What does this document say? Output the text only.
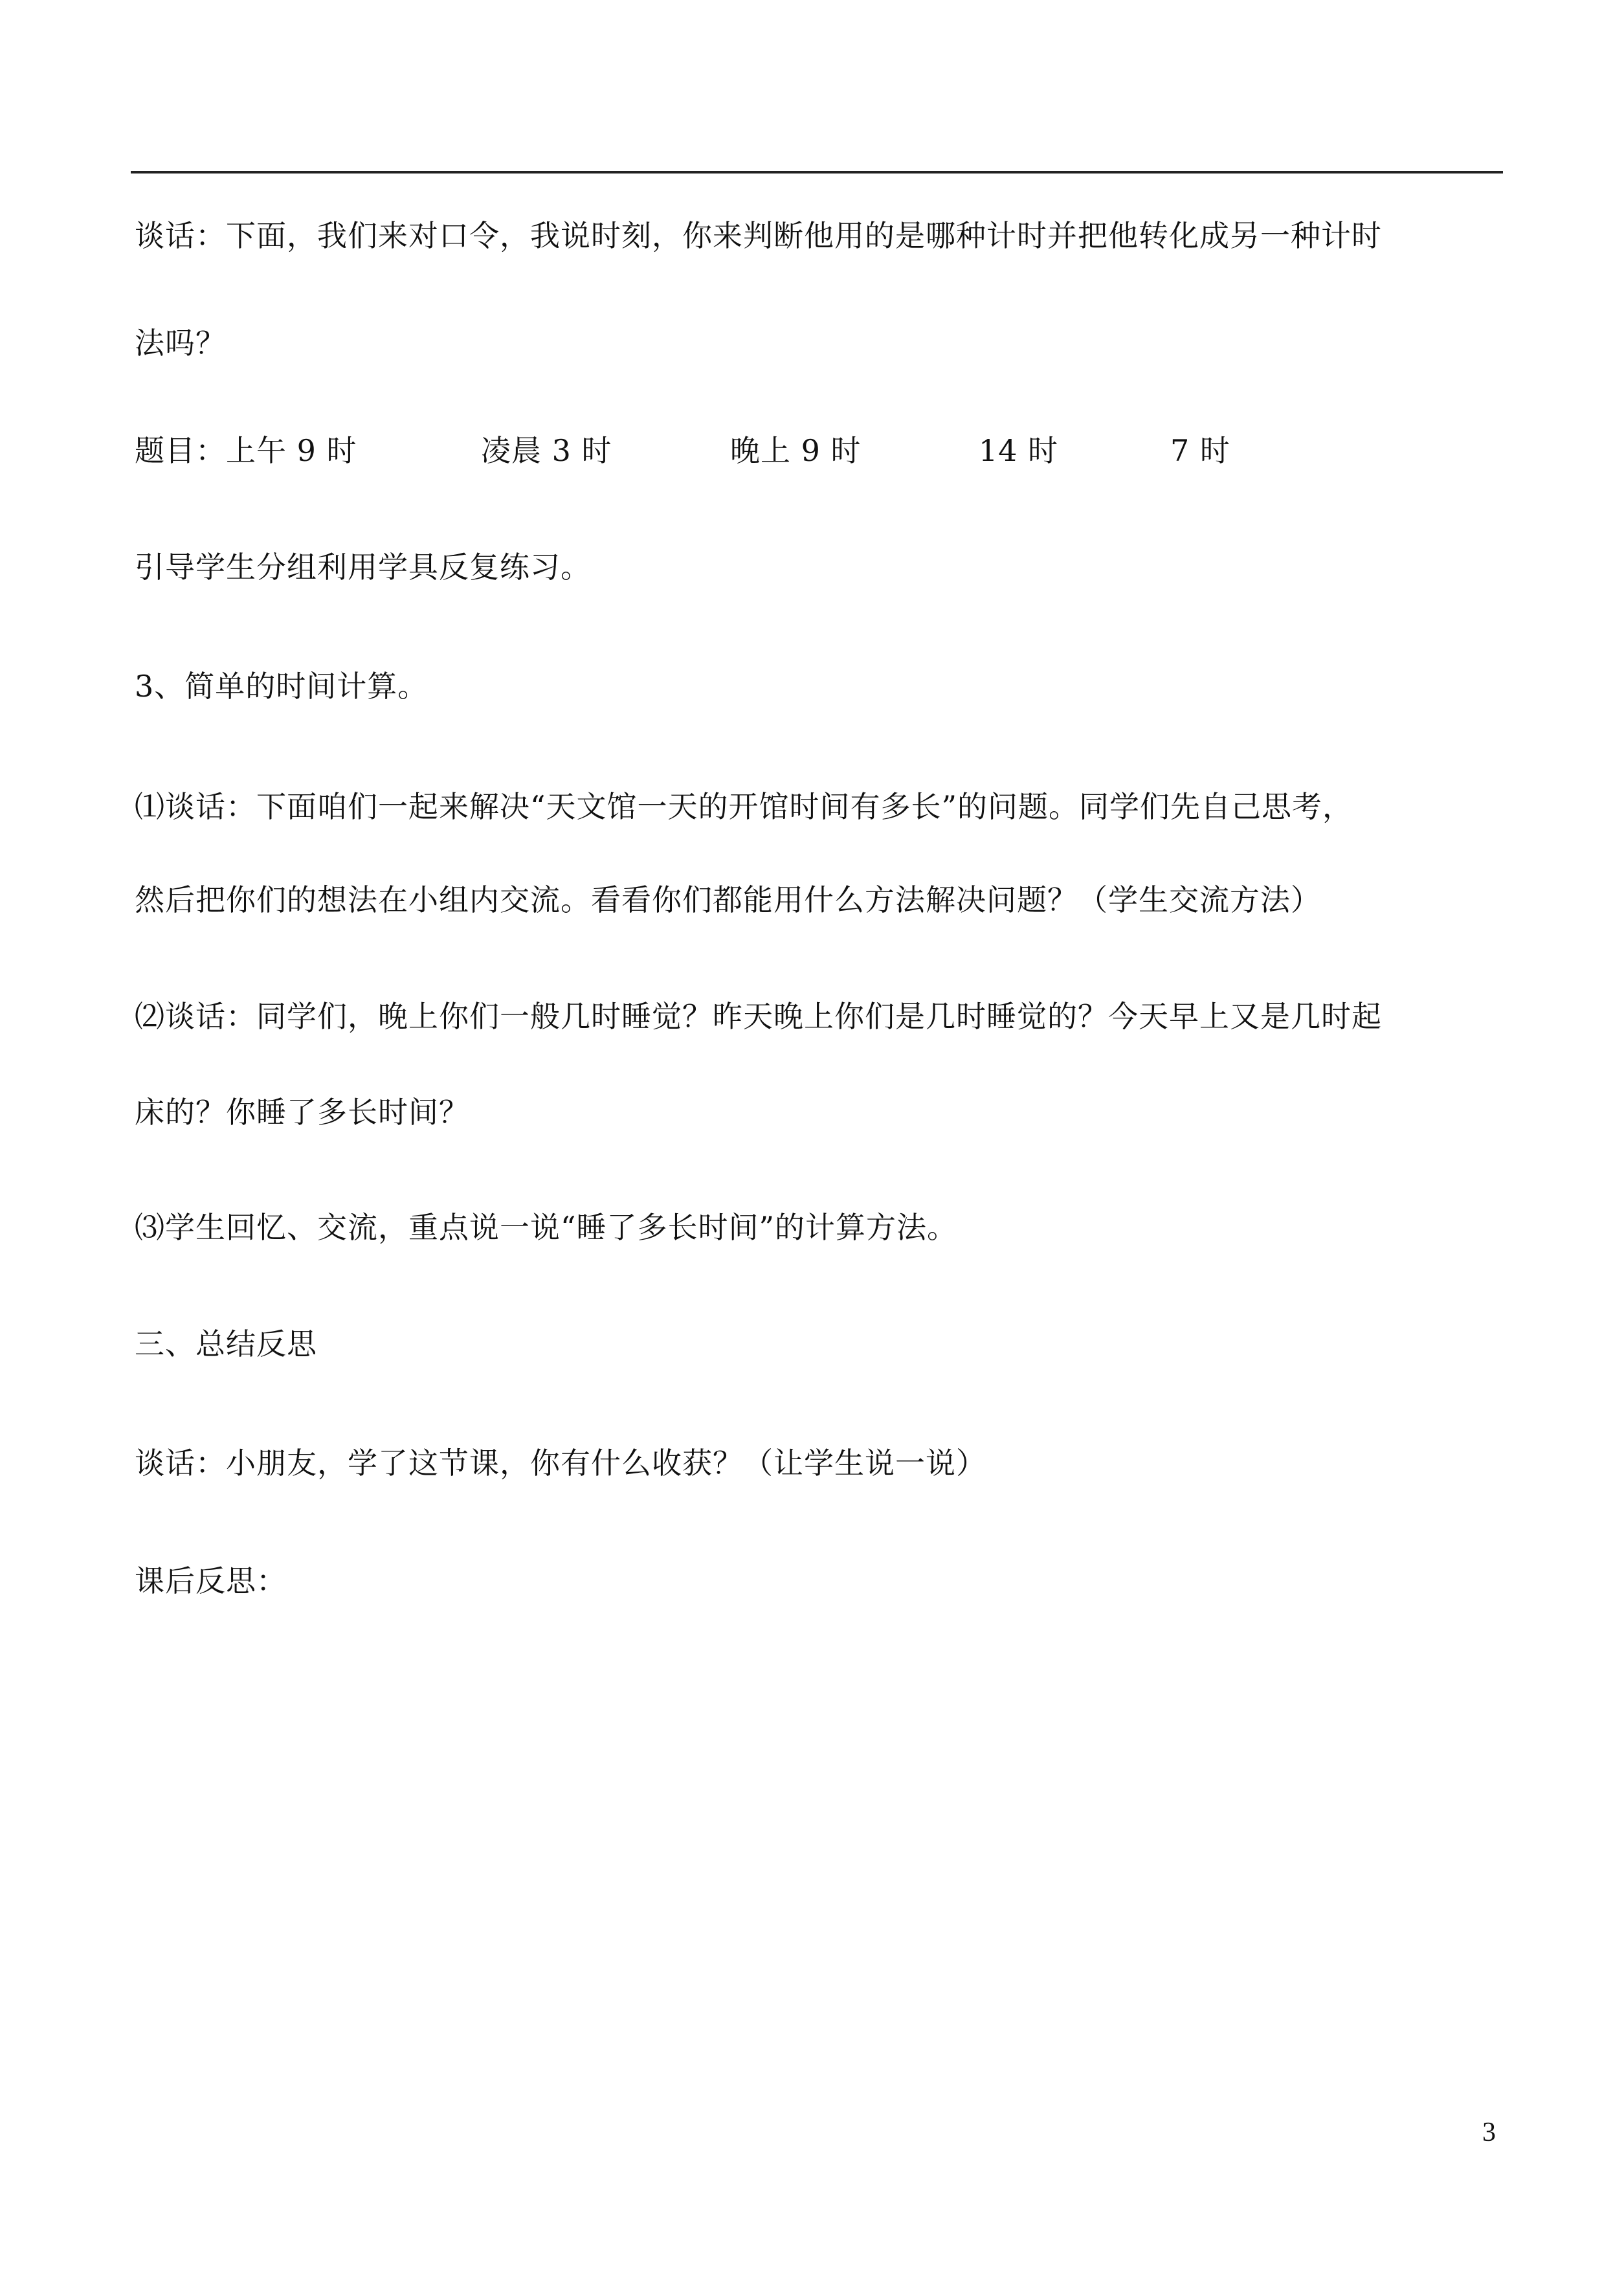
谈话：下面，我们来对口令，我说时刻，你来判断他用的是哪种计时并把他转化成另一种计时
法吗？
题目：上午 9 时	凌晨 3 时	晚上 9 时	14 时	7 时
引导学生分组利用学具反复练习。
3、简单的时间计算。
⑴谈话：下面咱们一起来解决“天文馆一天的开馆时间有多长”的问题。同学们先自己思考，
然后把你们的想法在小组内交流。看看你们都能用什么方法解决问题？（学生交流方法）
⑵谈话：同学们，晚上你们一般几时睡觉？昨天晚上你们是几时睡觉的？今天早上又是几时起
床的？你睡了多长时间？
⑶学生回忆、交流，重点说一说“睡了多长时间”的计算方法。
三、总结反思
谈话：小朋友，学了这节课，你有什么收获？（让学生说一说）
课后反思：
3
